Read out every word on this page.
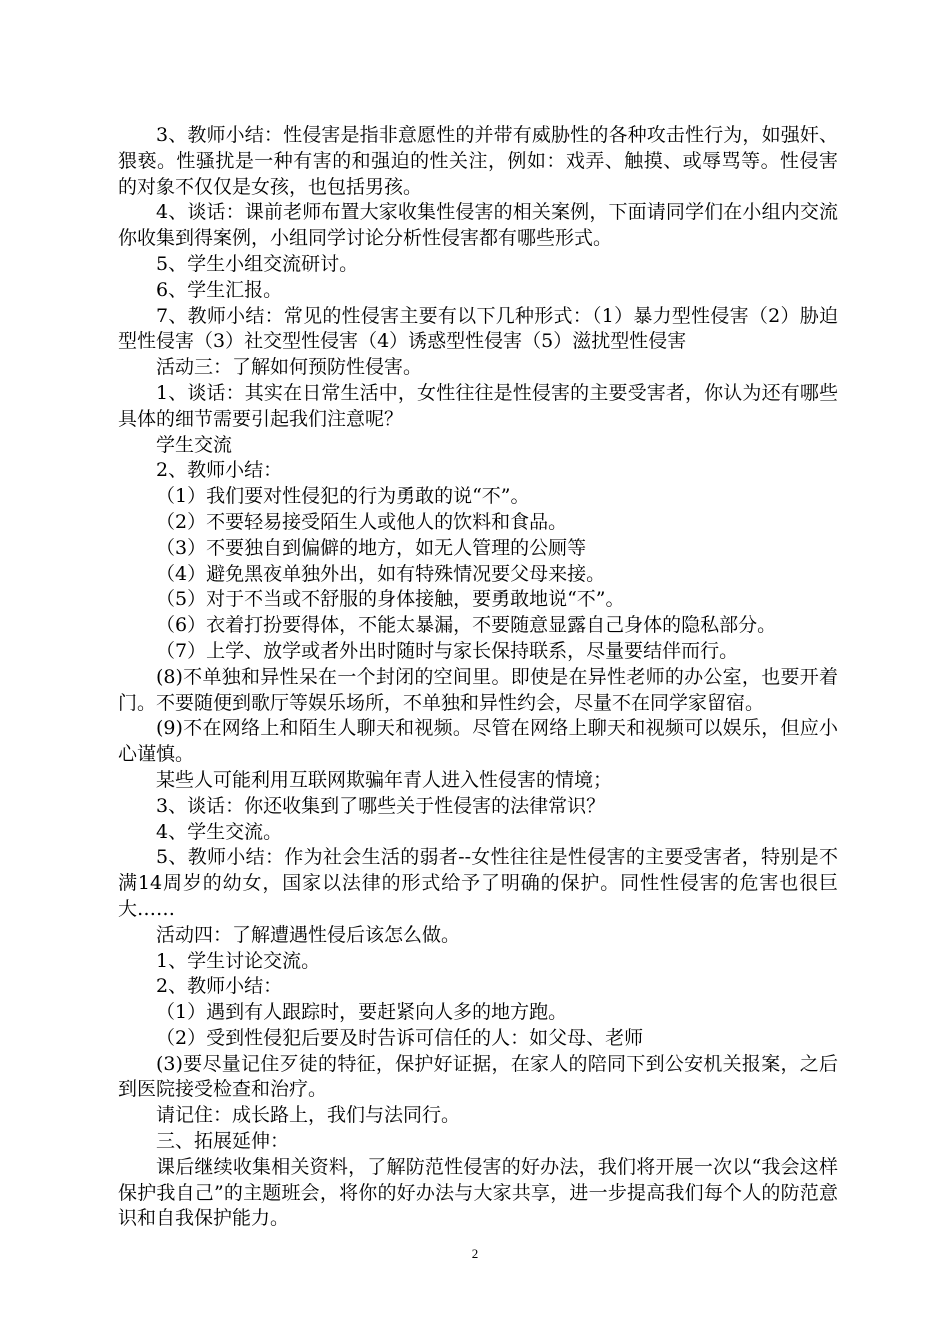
3、教师小结：性侵害是指非意愿性的并带有威胁性的各种攻击性行为，如强奸、猥亵。性骚扰是一种有害的和强迫的性关注，例如：戏弄、触摸、或辱骂等。性侵害的对象不仅仅是女孩，也包括男孩。

4、谈话：课前老师布置大家收集性侵害的相关案例，下面请同学们在小组内交流你收集到得案例，小组同学讨论分析性侵害都有哪些形式。

5、学生小组交流研讨。

6、学生汇报。

7、教师小结：常见的性侵害主要有以下几种形式：（1）暴力型性侵害（2）胁迫型性侵害（3）社交型性侵害（4）诱惑型性侵害（5）滋扰型性侵害

活动三：了解如何预防性侵害。

1、谈话：其实在日常生活中，女性往往是性侵害的主要受害者，你认为还有哪些具体的细节需要引起我们注意呢？

学生交流

2、教师小结：

（1）我们要对性侵犯的行为勇敢的说“不”。

（2）不要轻易接受陌生人或他人的饮料和食品。

（3）不要独自到偏僻的地方，如无人管理的公厕等

（4）避免黑夜单独外出，如有特殊情况要父母来接。

（5）对于不当或不舒服的身体接触，要勇敢地说“不”。

（6）衣着打扮要得体，不能太暴漏，不要随意显露自己身体的隐私部分。

（7）上学、放学或者外出时随时与家长保持联系，尽量要结伴而行。

(8)不单独和异性呆在一个封闭的空间里。即使是在异性老师的办公室，也要开着门。不要随便到歌厅等娱乐场所，不单独和异性约会，尽量不在同学家留宿。

(9)不在网络上和陌生人聊天和视频。尽管在网络上聊天和视频可以娱乐，但应小心谨慎。

某些人可能利用互联网欺骗年青人进入性侵害的情境；

3、谈话：你还收集到了哪些关于性侵害的法律常识？

4、学生交流。

5、教师小结：作为社会生活的弱者--女性往往是性侵害的主要受害者，特别是不满14周岁的幼女，国家以法律的形式给予了明确的保护。同性性侵害的危害也很巨大……

活动四：了解遭遇性侵后该怎么做。

1、学生讨论交流。

2、教师小结：

（1）遇到有人跟踪时，要赶紧向人多的地方跑。

（2）受到性侵犯后要及时告诉可信任的人：如父母、老师

(3)要尽量记住歹徒的特征，保护好证据，在家人的陪同下到公安机关报案，之后到医院接受检查和治疗。

请记住：成长路上，我们与法同行。

三、拓展延伸：

课后继续收集相关资料，了解防范性侵害的好办法，我们将开展一次以“我会这样保护我自己”的主题班会，将你的好办法与大家共享，进一步提高我们每个人的防范意识和自我保护能力。

2
